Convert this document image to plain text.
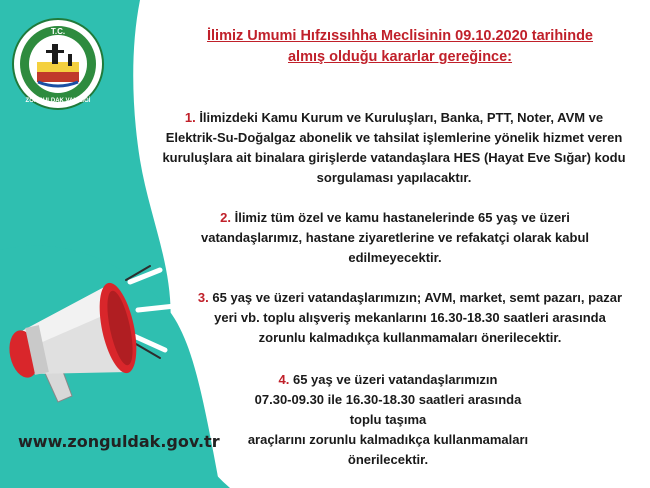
T.C.
ZONGULDAK VALİLİĞİ
İlimiz Umumi Hıfzıssıhha Meclisinin 09.10.2020 tarihinde
almış olduğu kararlar gereğince:
1. İlimizdeki Kamu Kurum ve Kuruluşları, Banka, PTT, Noter, AVM ve
Elektrik-Su-Doğalgaz abonelik ve tahsilat işlemlerine yönelik hizmet veren
kuruluşlara ait binalara girişlerde vatandaşlara HES (Hayat Eve Sığar) kodu
sorgulaması yapılacaktır.
2. İlimiz tüm özel ve kamu hastanelerinde 65 yaş ve üzeri
vatandaşlarımız, hastane ziyaretlerine ve refakatçi olarak kabul
edilmeyecektir.
3. 65 yaş ve üzeri vatandaşlarımızın; AVM, market, semt pazarı, pazar
yeri vb. toplu alışveriş mekanlarını 16.30-18.30 saatleri arasında
zorunlu kalmadıkça kullanmamaları önerilecektir.
4. 65 yaş ve üzeri vatandaşlarımızın
07.30-09.30 ile 16.30-18.30 saatleri arasında toplu taşıma
araçlarını zorunlu kalmadıkça kullanmamaları
önerilecektir.
www.zonguldak.gov.tr
